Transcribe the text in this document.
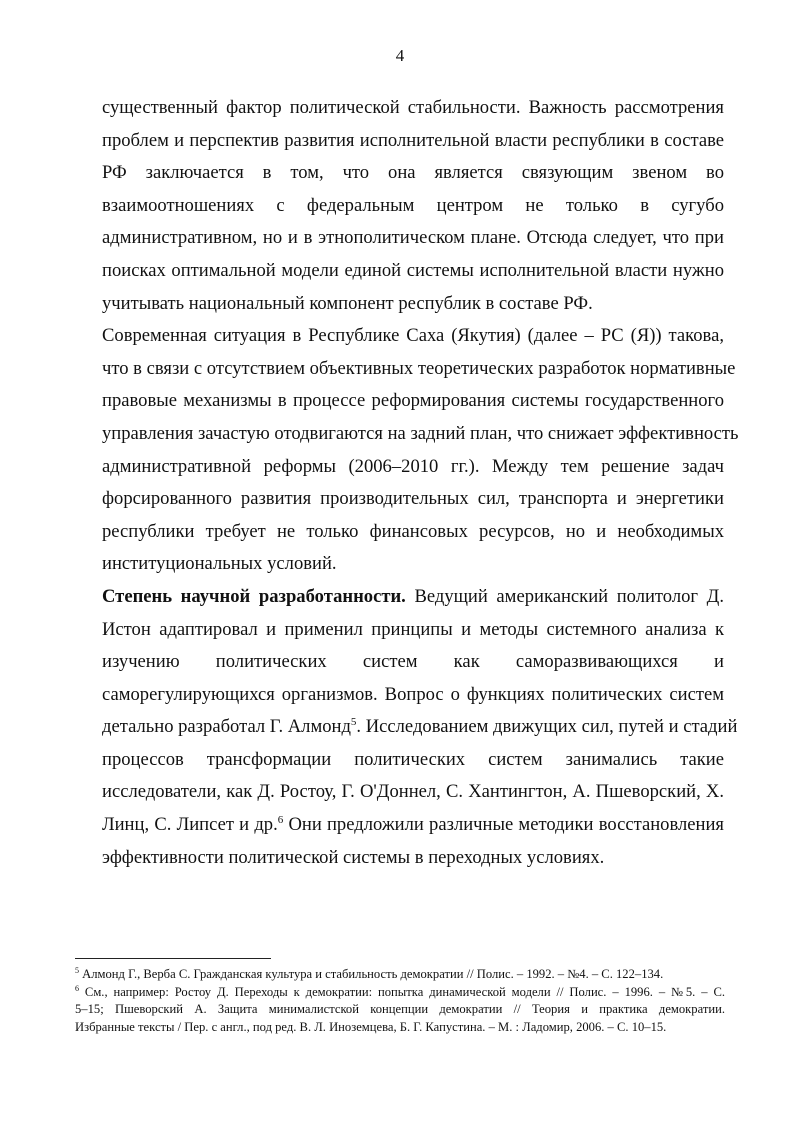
4

существенный фактор политической стабильности. Важность рассмотрения
проблем и перспектив развития исполнительной власти республики в составе
РФ заключается в том, что она является связующим звеном во
взаимоотношениях с федеральным центром не только в сугубо
административном, но и в этнополитическом плане. Отсюда следует, что при
поисках оптимальной модели единой системы исполнительной власти нужно
учитывать национальный компонент республик в составе РФ.

Современная ситуация в Республике Саха (Якутия) (далее – РС (Я)) такова,
что в связи с отсутствием объективных теоретических разработок нормативные
правовые механизмы в процессе реформирования системы государственного
управления зачастую отодвигаются на задний план, что снижает эффективность
административной реформы (2006–2010 гг.). Между тем решение задач
форсированного развития производительных сил, транспорта и энергетики
республики требует не только финансовых ресурсов, но и необходимых
институциональных условий.

Степень научной разработанности. Ведущий американский политолог Д.
Истон адаптировал и применил принципы и методы системного анализа к
изучению политических систем как саморазвивающихся и
саморегулирующихся организмов. Вопрос о функциях политических систем
детально разработал Г. Алмонд$^5$. Исследованием движущих сил, путей и стадий
процессов трансформации политических систем занимались такие
исследователи, как Д. Ростоу, Г. О'Доннел, С. Хантингтон, А. Пшеворский, Х.
Линц, С. Липсет и др.$^6$ Они предложили различные методики восстановления
эффективности политической системы в переходных условиях.

$^5$ Алмонд Г., Верба С. Гражданская культура и стабильность демократии // Полис. – 1992. – №4. – С. 122–134.
$^6$ См., например: Ростоу Д. Переходы к демократии: попытка динамической модели // Полис. – 1996. – №5. – С.
5–15; Пшеворский А. Защита минималистской концепции демократии // Теория и практика демократии.
Избранные тексты / Пер. с англ., под ред. В. Л. Иноземцева, Б. Г. Капустина. – М. : Ладомир, 2006. – С. 10–15.
